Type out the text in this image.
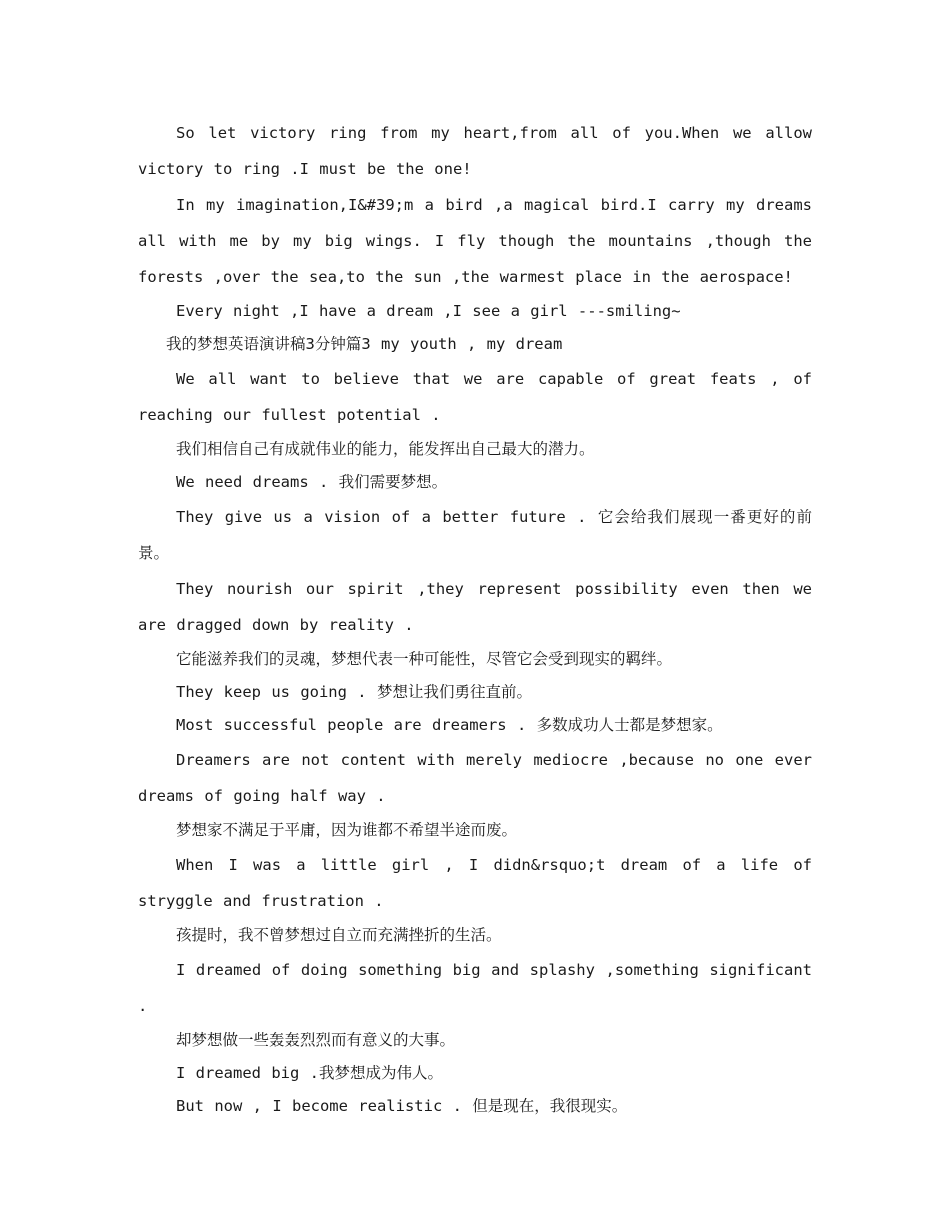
So let victory ring from my heart,from all of you.When we allow victory to ring .I must be the one!

In my imagination,I&#39;m a bird ,a magical bird.I carry my dreams all with me by my big wings. I fly though the mountains ,though the forests ,over the sea,to the sun ,the warmest place in the aerospace!

Every night ,I have a dream ,I see a girl ---smiling~

我的梦想英语演讲稿3分钟篇3 my youth , my dream

We all want to believe that we are capable of great feats , of reaching our fullest potential .

我们相信自己有成就伟业的能力，能发挥出自己最大的潜力。

We need dreams . 我们需要梦想。

They give us a vision of a better future . 它会给我们展现一番更好的前景。

They nourish our spirit ,they represent possibility even then we are dragged down by reality .

它能滋养我们的灵魂，梦想代表一种可能性，尽管它会受到现实的羁绊。

They keep us going . 梦想让我们勇往直前。

Most successful people are dreamers . 多数成功人士都是梦想家。

Dreamers are not content with merely mediocre ,because no one ever dreams of going half way .

梦想家不满足于平庸，因为谁都不希望半途而废。

When I was a little girl , I didn&rsquo;t dream of a life of stryggle and frustration .

孩提时，我不曾梦想过自立而充满挫折的生活。

I dreamed of doing something big and splashy ,something significant .

却梦想做一些轰轰烈烈而有意义的大事。

I dreamed big .我梦想成为伟人。

But now , I become realistic . 但是现在，我很现实。
